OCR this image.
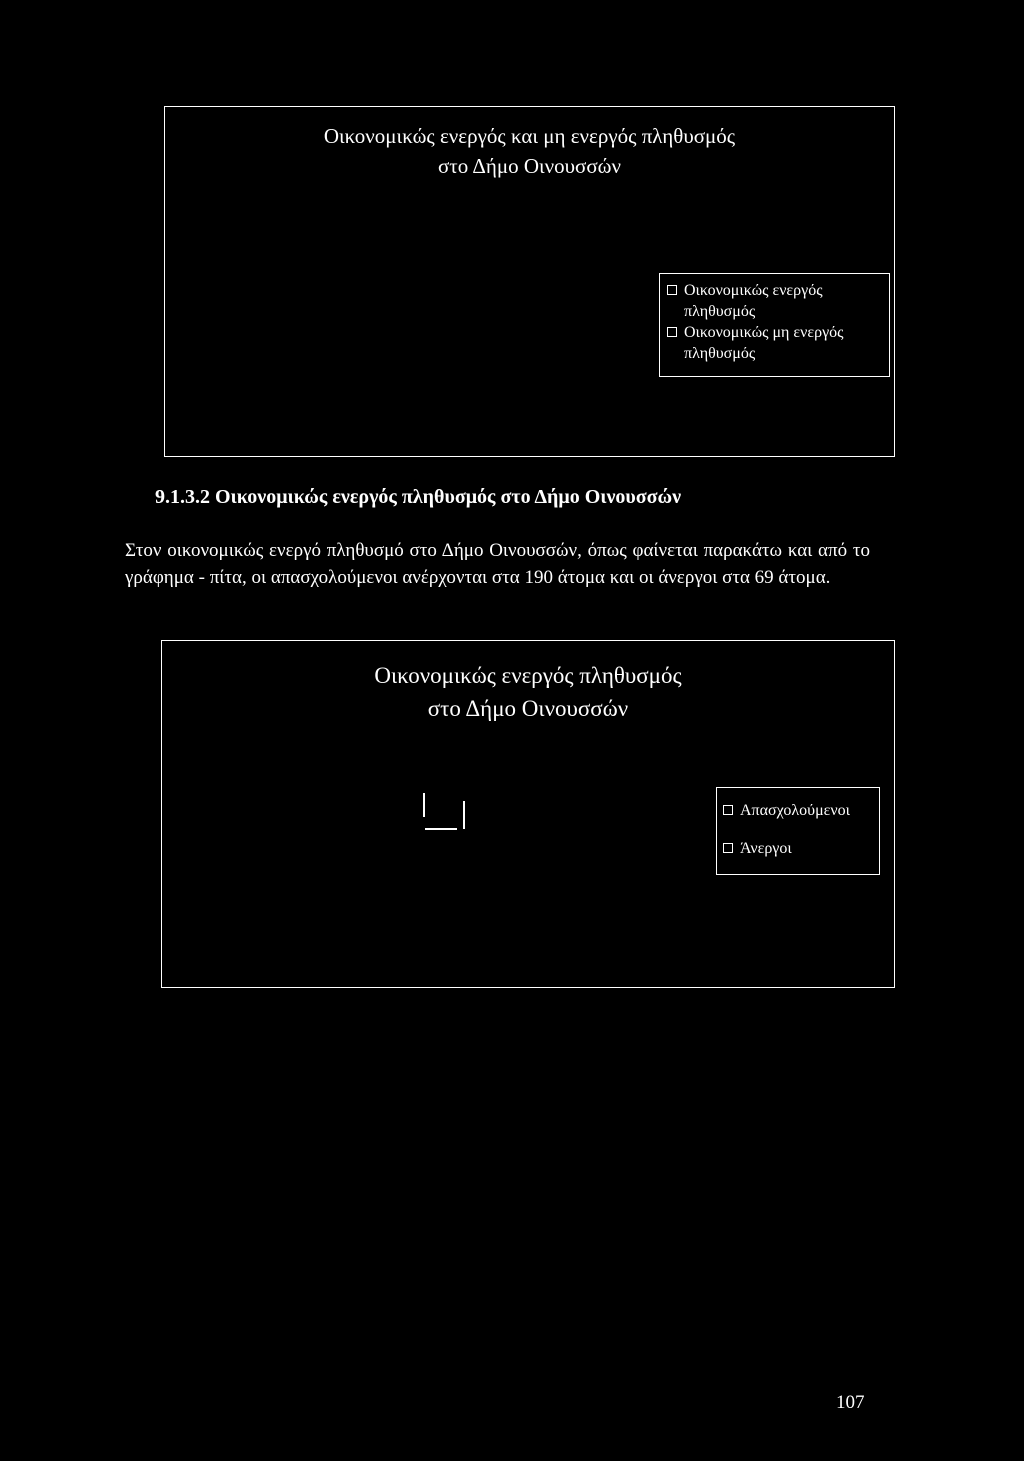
Οικονομικώς ενεργός και μη ενεργός πληθυσμός
στο Δήμο Οινουσσών
Οικονομικώς ενεργός
πληθυσμός
Οικονομικώς μη ενεργός
πληθυσμός
9.1.3.2 Οικονομικώς ενεργός πληθυσμός στο Δήμο Οινουσσών
Στον οικονομικώς ενεργό πληθυσμό στο Δήμο Οινουσσών, όπως φαίνεται παρακάτω και από το γράφημα - πίτα, οι απασχολούμενοι ανέρχονται στα 190 άτομα και οι άνεργοι στα 69 άτομα.
Οικονομικώς ενεργός πληθυσμός
στο Δήμο Οινουσσών
Απασχολούμενοι
Άνεργοι
107
